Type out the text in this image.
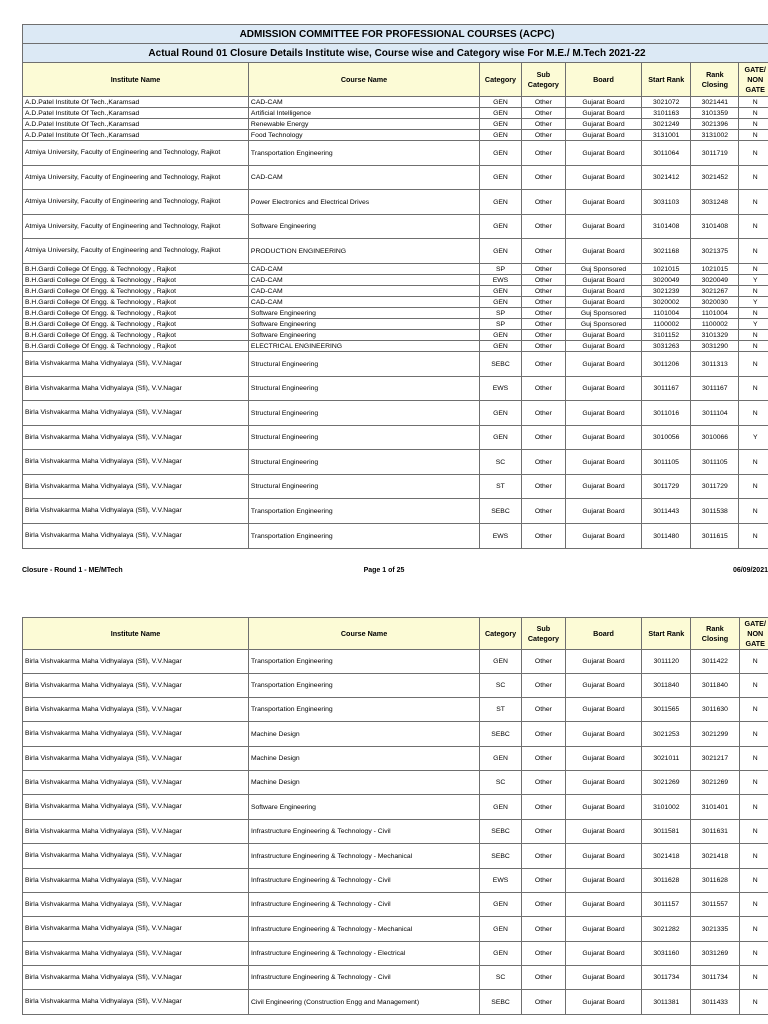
ADMISSION COMMITTEE FOR PROFESSIONAL COURSES (ACPC)							
Actual Round 01 Closure Details Institute wise, Course wise and Category wise For M.E./ M.Tech 2021-22							
Institute Name	Course Name	Category	Sub Category	Board	Start Rank	Rank Closing	GATE/ NON GATE
A.D.Patel Institute Of Tech.,Karamsad	CAD-CAM	GEN	Other	Gujarat Board	3021072	3021441	N
A.D.Patel Institute Of Tech.,Karamsad	Artificial Intelligence	GEN	Other	Gujarat Board	3101163	3101359	N
A.D.Patel Institute Of Tech.,Karamsad	Renewable Energy	GEN	Other	Gujarat Board	3021249	3021396	N
A.D.Patel Institute Of Tech.,Karamsad	Food Technology	GEN	Other	Gujarat Board	3131001	3131002	N
Atmiya University, Faculty of Engineering and Technology, Rajkot	Transportation Engineering	GEN	Other	Gujarat Board	3011064	3011719	N
Atmiya University, Faculty of Engineering and Technology, Rajkot	CAD-CAM	GEN	Other	Gujarat Board	3021412	3021452	N
Atmiya University, Faculty of Engineering and Technology, Rajkot	Power Electronics and Electrical Drives	GEN	Other	Gujarat Board	3031103	3031248	N
Atmiya University, Faculty of Engineering and Technology, Rajkot	Software Engineering	GEN	Other	Gujarat Board	3101408	3101408	N
Atmiya University, Faculty of Engineering and Technology, Rajkot	PRODUCTION ENGINEERING	GEN	Other	Gujarat Board	3021168	3021375	N
B.H.Gardi College Of Engg. & Technology , Rajkot	CAD-CAM	SP	Other	Guj Sponsored	1021015	1021015	N
B.H.Gardi College Of Engg. & Technology , Rajkot	CAD-CAM	EWS	Other	Gujarat Board	3020049	3020049	Y
B.H.Gardi College Of Engg. & Technology , Rajkot	CAD-CAM	GEN	Other	Gujarat Board	3021239	3021267	N
B.H.Gardi College Of Engg. & Technology , Rajkot	CAD-CAM	GEN	Other	Gujarat Board	3020002	3020030	Y
B.H.Gardi College Of Engg. & Technology , Rajkot	Software Engineering	SP	Other	Guj Sponsored	1101004	1101004	N
B.H.Gardi College Of Engg. & Technology , Rajkot	Software Engineering	SP	Other	Guj Sponsored	1100002	1100002	Y
B.H.Gardi College Of Engg. & Technology , Rajkot	Software Engineering	GEN	Other	Gujarat Board	3101152	3101329	N
B.H.Gardi College Of Engg. & Technology , Rajkot	ELECTRICAL ENGINEERING	GEN	Other	Gujarat Board	3031263	3031290	N
Birla Vishvakarma Maha Vidhyalaya (Sfi), V.V.Nagar	Structural Engineering	SEBC	Other	Gujarat Board	3011206	3011313	N
Birla Vishvakarma Maha Vidhyalaya (Sfi), V.V.Nagar	Structural Engineering	EWS	Other	Gujarat Board	3011167	3011167	N
Birla Vishvakarma Maha Vidhyalaya (Sfi), V.V.Nagar	Structural Engineering	GEN	Other	Gujarat Board	3011016	3011104	N
Birla Vishvakarma Maha Vidhyalaya (Sfi), V.V.Nagar	Structural Engineering	GEN	Other	Gujarat Board	3010056	3010066	Y
Birla Vishvakarma Maha Vidhyalaya (Sfi), V.V.Nagar	Structural Engineering	SC	Other	Gujarat Board	3011105	3011105	N
Birla Vishvakarma Maha Vidhyalaya (Sfi), V.V.Nagar	Structural Engineering	ST	Other	Gujarat Board	3011729	3011729	N
Birla Vishvakarma Maha Vidhyalaya (Sfi), V.V.Nagar	Transportation Engineering	SEBC	Other	Gujarat Board	3011443	3011538	N
Birla Vishvakarma Maha Vidhyalaya (Sfi), V.V.Nagar	Transportation Engineering	EWS	Other	Gujarat Board	3011480	3011615	N
Closure - Round 1 - ME/MTech	Page 1 of 25	06/09/2021
Institute Name	Course Name	Category	Sub Category	Board	Start Rank	Rank Closing	GATE/ NON GATE
Birla Vishvakarma Maha Vidhyalaya (Sfi), V.V.Nagar	Transportation Engineering	GEN	Other	Gujarat Board	3011120	3011422	N
Birla Vishvakarma Maha Vidhyalaya (Sfi), V.V.Nagar	Transportation Engineering	SC	Other	Gujarat Board	3011840	3011840	N
Birla Vishvakarma Maha Vidhyalaya (Sfi), V.V.Nagar	Transportation Engineering	ST	Other	Gujarat Board	3011565	3011630	N
Birla Vishvakarma Maha Vidhyalaya (Sfi), V.V.Nagar	Machine Design	SEBC	Other	Gujarat Board	3021253	3021299	N
Birla Vishvakarma Maha Vidhyalaya (Sfi), V.V.Nagar	Machine Design	GEN	Other	Gujarat Board	3021011	3021217	N
Birla Vishvakarma Maha Vidhyalaya (Sfi), V.V.Nagar	Machine Design	SC	Other	Gujarat Board	3021269	3021269	N
Birla Vishvakarma Maha Vidhyalaya (Sfi), V.V.Nagar	Software Engineering	GEN	Other	Gujarat Board	3101002	3101401	N
Birla Vishvakarma Maha Vidhyalaya (Sfi), V.V.Nagar	Infrastructure Engineering & Technology - Civil	SEBC	Other	Gujarat Board	3011581	3011631	N
Birla Vishvakarma Maha Vidhyalaya (Sfi), V.V.Nagar	Infrastructure Engineering & Technology - Mechanical	SEBC	Other	Gujarat Board	3021418	3021418	N
Birla Vishvakarma Maha Vidhyalaya (Sfi), V.V.Nagar	Infrastructure Engineering & Technology - Civil	EWS	Other	Gujarat Board	3011628	3011628	N
Birla Vishvakarma Maha Vidhyalaya (Sfi), V.V.Nagar	Infrastructure Engineering & Technology - Civil	GEN	Other	Gujarat Board	3011157	3011557	N
Birla Vishvakarma Maha Vidhyalaya (Sfi), V.V.Nagar	Infrastructure Engineering & Technology - Mechanical	GEN	Other	Gujarat Board	3021282	3021335	N
Birla Vishvakarma Maha Vidhyalaya (Sfi), V.V.Nagar	Infrastructure Engineering & Technology - Electrical	GEN	Other	Gujarat Board	3031160	3031269	N
Birla Vishvakarma Maha Vidhyalaya (Sfi), V.V.Nagar	Infrastructure Engineering & Technology - Civil	SC	Other	Gujarat Board	3011734	3011734	N
Birla Vishvakarma Maha Vidhyalaya (Sfi), V.V.Nagar	Civil Engineering (Construction Engg and Management)	SEBC	Other	Gujarat Board	3011381	3011433	N
